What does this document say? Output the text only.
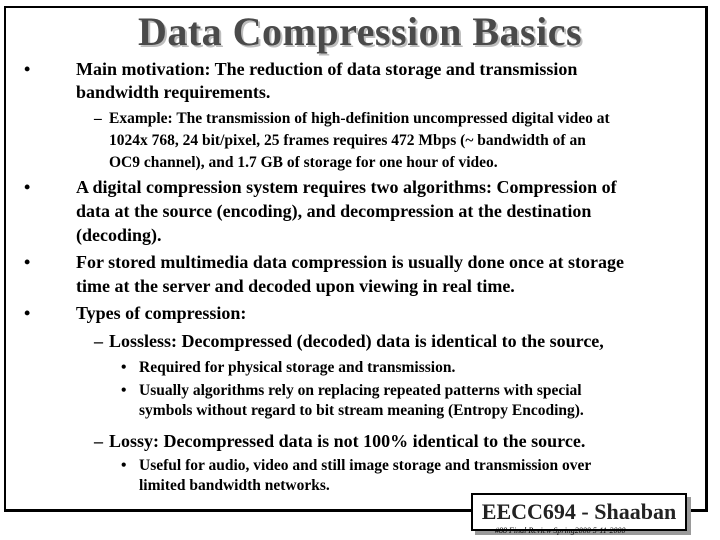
Data Compression Basics
•	Main motivation: The reduction of data storage and transmission
bandwidth requirements.
– Example: The transmission of high-definition uncompressed digital video at
1024x 768, 24 bit/pixel, 25 frames requires 472 Mbps (~ bandwidth of an
OC9 channel), and 1.7 GB of storage for one hour of video.
•	A digital compression system requires two algorithms: Compression of
data at the source (encoding), and decompression at the destination
(decoding).
•	For stored multimedia data compression is usually done once at storage
time at the server and decoded upon viewing in real time.
•	Types of compression:
– Lossless: Decompressed (decoded) data is identical to the source,
• Required for physical storage and transmission.
• Usually algorithms rely on replacing repeated patterns with special
symbols without regard to bit stream meaning (Entropy Encoding).
– Lossy: Decompressed data is not 100% identical to the source.
• Useful for audio, video and still image storage and transmission over
limited bandwidth networks.
EECC694 - Shaaban
#88 Final Review Spring2000 5-11-2000
